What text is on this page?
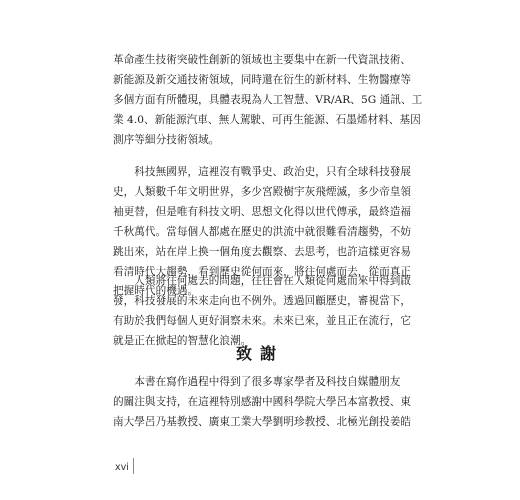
革命產生技術突破性創新的領域也主要集中在新一代資訊技術、
新能源及新交通技術領域，同時還在衍生的新材料、生物醫療等
多個方面有所體現，具體表現為人工智慧、VR/AR、5G 通訊、工
業 4.0、新能源汽車、無人駕駛、可再生能源、石墨烯材料、基因
測序等細分技術領域。
　　科技無國界，這裡沒有戰爭史、政治史，只有全球科技發展
史，人類數千年文明世界，多少宮殿樹宇灰飛煙滅，多少帝皇領
袖更替，但是唯有科技文明、思想文化得以世代傳承，最終造福
千秋萬代。當每個人都處在歷史的洪流中就很難看清趨勢，不妨
跳出來，站在岸上換一個角度去觀察、去思考，也許這樣更容易
看清時代大趨勢，看到歷史從何而來，將往何處而去，從而真正
把握時代的機遇。
　　人類將往何處去的問題，往往會在人類從何處而來中得到啟
發，科技發展的未來走向也不例外。透過回顧歷史，審視當下，
有助於我們每個人更好洞察未來。未來已來，並且正在流行，它
就是正在掀起的智慧化浪潮。
致謝
　　本書在寫作過程中得到了很多專家學者及科技自媒體朋友
的關注與支持，在這裡特別感謝中國科學院大學呂本富教授、東
南大學呂乃基教授、廣東工業大學劉明珍教授、北極光創投姜皓

xvi
